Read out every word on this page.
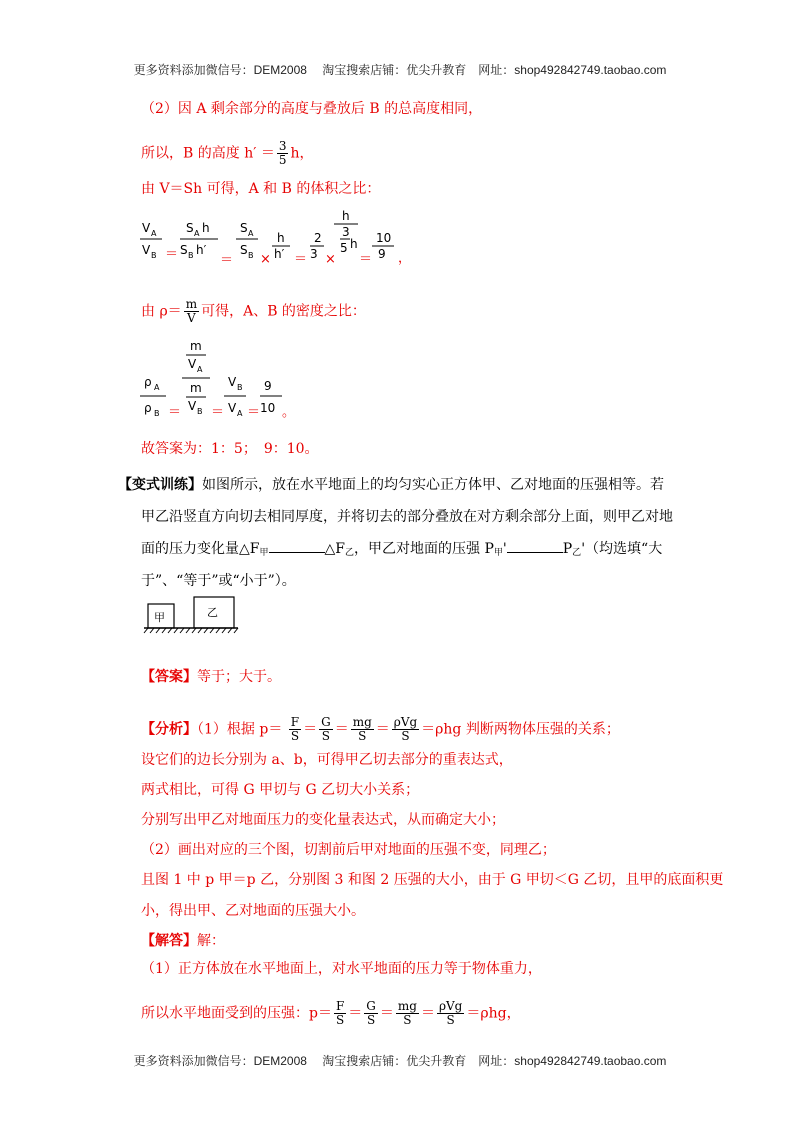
更多资料添加微信号：DEM2008　 淘宝搜索店铺：优尖升教育　网址：shop492842749.taobao.com
（2）因 A 剩余部分的高度与叠放后 B 的总高度相同，
所以，B 的高度 $h' = \frac{3}{5}$ h，
由 V＝Sh 可得，A 和 B 的体积之比：
V A
V B
S A h
S B h′
S A
S B
h
h′
2
3
h
3
5 h 10
9
＝	＝ × ＝ × ＝ ，
由 $\rho= \frac{m}{V}$ 可得，A、B 的密度之比：
ρ A
ρ B
m
V A
m
V B
V B
V A
9
10
＝ ＝ ＝ 。
故答案为：1：5；　9：10。
【变式训练】如图所示，放在水平地面上的均匀实心正方体甲、乙对地面的压强相等。若
甲乙沿竖直方向切去相同厚度，并将切去的部分叠放在对方剩余部分上面，则甲乙对地
面的压力变化量$\triangle F_甲$	$\triangle F_乙$，甲乙对地面的压强 $P_甲'$	$P_乙'$（均选填“大
于”、“等于”或“小于”）。
甲	乙
【答案】等于；大于。
【分析】（1）根据 $p= \frac{F}{S} = \frac{G}{S} = \frac{mg}{S} = \frac{\text{ρVg}}{S} =\rho hg$ 判断两物体压强的关系；
设它们的边长分别为 a、b，可得甲乙切去部分的重表达式，
两式相比，可得 G 甲切与 G 乙切大小关系；
分别写出甲乙对地面压力的变化量表达式，从而确定大小；
（2）画出对应的三个图，切割前后甲对地面的压强不变，同理乙；
且图 1 中 p 甲＝p 乙，分别图 3 和图 2 压强的大小，由于 G 甲切＜G 乙切，且甲的底面积更
小，得出甲、乙对地面的压强大小。
【解答】解：
（1）正方体放在水平地面上，对水平地面的压力等于物体重力，
所以水平地面受到的压强：$p= \frac{F}{S} = \frac{G}{S} = \frac{mg}{S} = \frac{\text{ρVg}}{S} =\rho hg$，
更多资料添加微信号：DEM2008　 淘宝搜索店铺：优尖升教育　网址：shop492842749.taobao.com
